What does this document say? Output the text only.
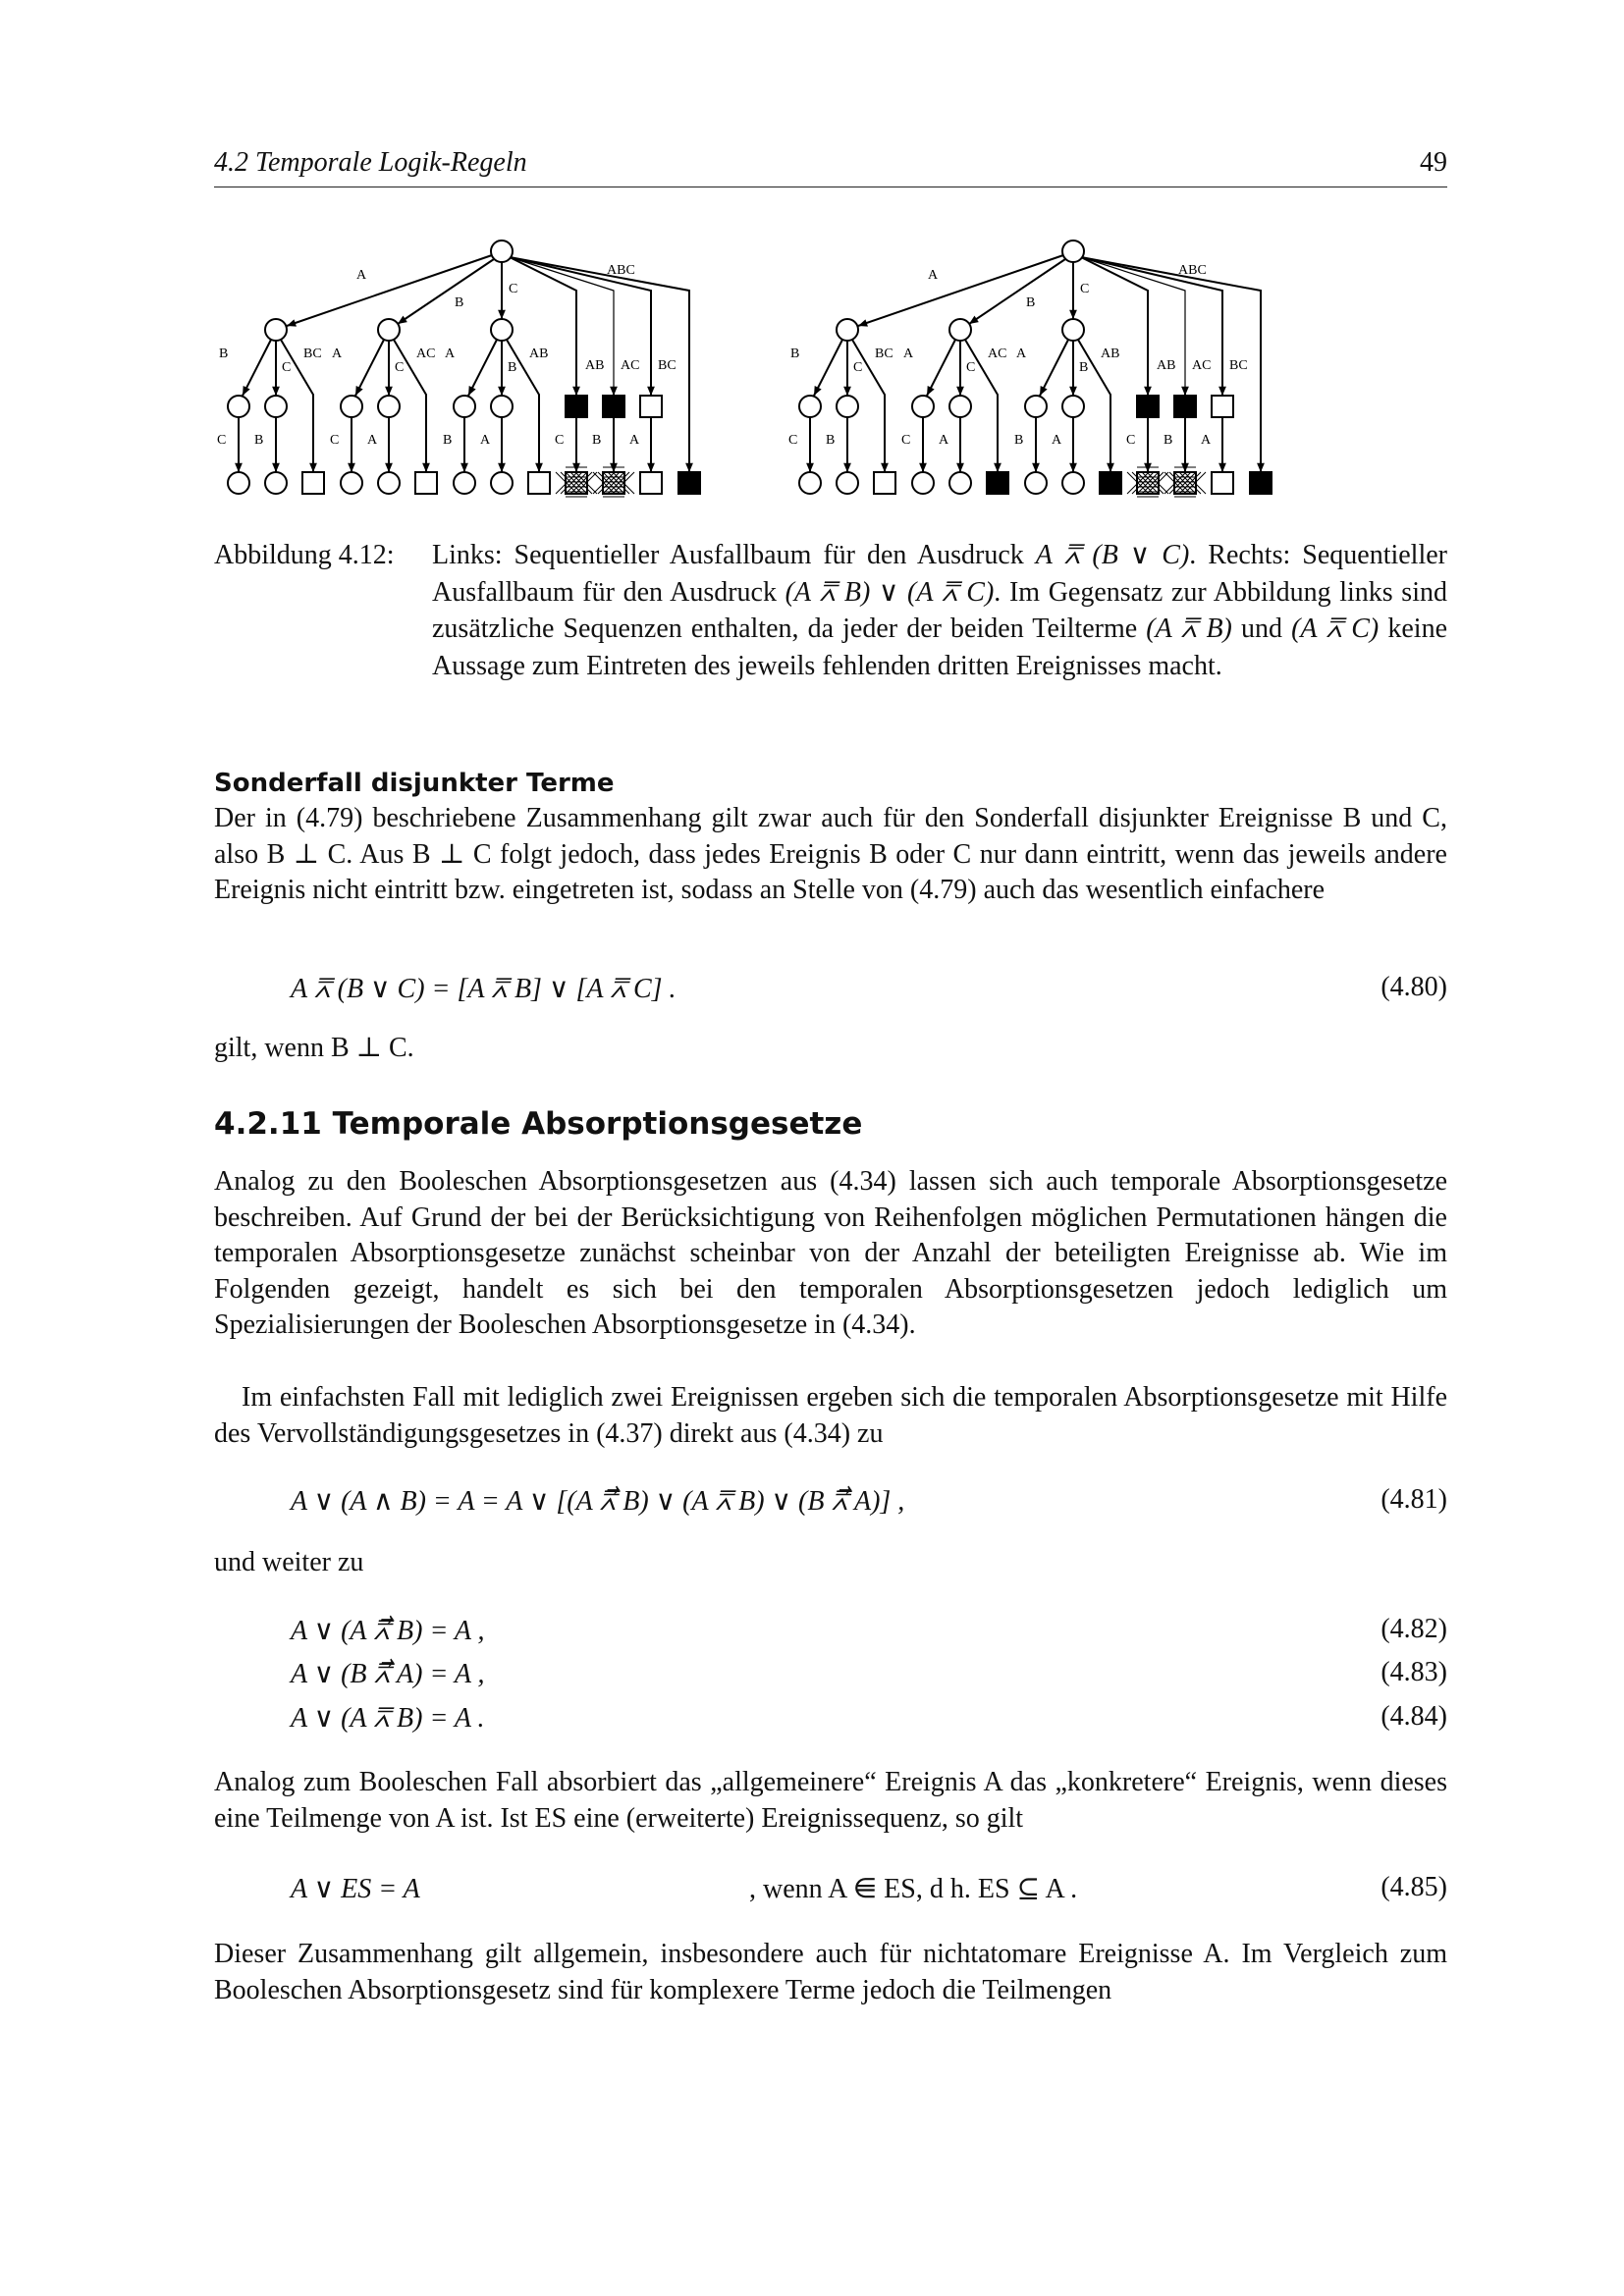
4.2 Temporale Logik-Regeln	49
A
B
C
ABC
AB AC BC
B
C
BC
C B
A
C
AC
C A
A
B
AB
B A	C B A
A
B
C
ABC
AB AC BC
B
C
BC
C B
A
C
AC
C A
A
B
AB
B A	C B A
Abbildung 4.12: Links: Sequentieller Ausfallbaum für den Ausdruck A ⩞ (B ∨ C). Rechts: Sequentieller Ausfallbaum für den Ausdruck (A ⩞ B) ∨ (A ⩞ C). Im Gegensatz zur Abbildung links sind zusätzliche Sequenzen enthalten, da jeder der beiden Teilterme (A ⩞ B) und (A ⩞ C) keine Aussage zum Eintreten des jeweils fehlenden dritten Ereignisses macht.
Sonderfall disjunkter Terme
Der in (4.79) beschriebene Zusammenhang gilt zwar auch für den Sonderfall disjunkter Ereignisse B und C, also B ⊥ C. Aus B ⊥ C folgt jedoch, dass jedes Ereignis B oder C nur dann eintritt, wenn das jeweils andere Ereignis nicht eintritt bzw. eingetreten ist, sodass an Stelle von (4.79) auch das wesentlich einfachere
A ⩞ (B ∨ C) = [A ⩞ B] ∨ [A ⩞ C] .	(4.80)
gilt, wenn B ⊥ C.
4.2.11 Temporale Absorptionsgesetze
Analog zu den Booleschen Absorptionsgesetzen aus (4.34) lassen sich auch temporale Absorptionsgesetze beschreiben. Auf Grund der bei der Berücksichtigung von Reihenfolgen möglichen Permutationen hängen die temporalen Absorptionsgesetze zunächst scheinbar von der Anzahl der beteiligten Ereignisse ab. Wie im Folgenden gezeigt, handelt es sich bei den temporalen Absorptionsgesetzen jedoch lediglich um Spezialisierungen der Booleschen Absorptionsgesetze in (4.34).
Im einfachsten Fall mit lediglich zwei Ereignissen ergeben sich die temporalen Absorptionsgesetze mit Hilfe des Vervollständigungsgesetzes in (4.37) direkt aus (4.34) zu
A ∨ (A ∧ B) = A = A ∨ [(A ⩞⃗ B) ∨ (A ⩞ B) ∨ (B ⩞⃗ A)] ,	(4.81)
und weiter zu
A ∨ (A ⩞⃗ B) = A ,	(4.82)
A ∨ (B ⩞⃗ A) = A ,	(4.83)
A ∨ (A ⩞ B) = A .	(4.84)
Analog zum Booleschen Fall absorbiert das „allgemeinere“ Ereignis A das „konkretere“ Ereignis, wenn dieses eine Teilmenge von A ist. Ist ES eine (erweiterte) Ereignissequenz, so gilt
A ∨ ES = A	, wenn A ⋹ ES, d h. ES ⊆ A .	(4.85)
Dieser Zusammenhang gilt allgemein, insbesondere auch für nichtatomare Ereignisse A. Im Vergleich zum Booleschen Absorptionsgesetz sind für komplexere Terme jedoch die Teilmengen
